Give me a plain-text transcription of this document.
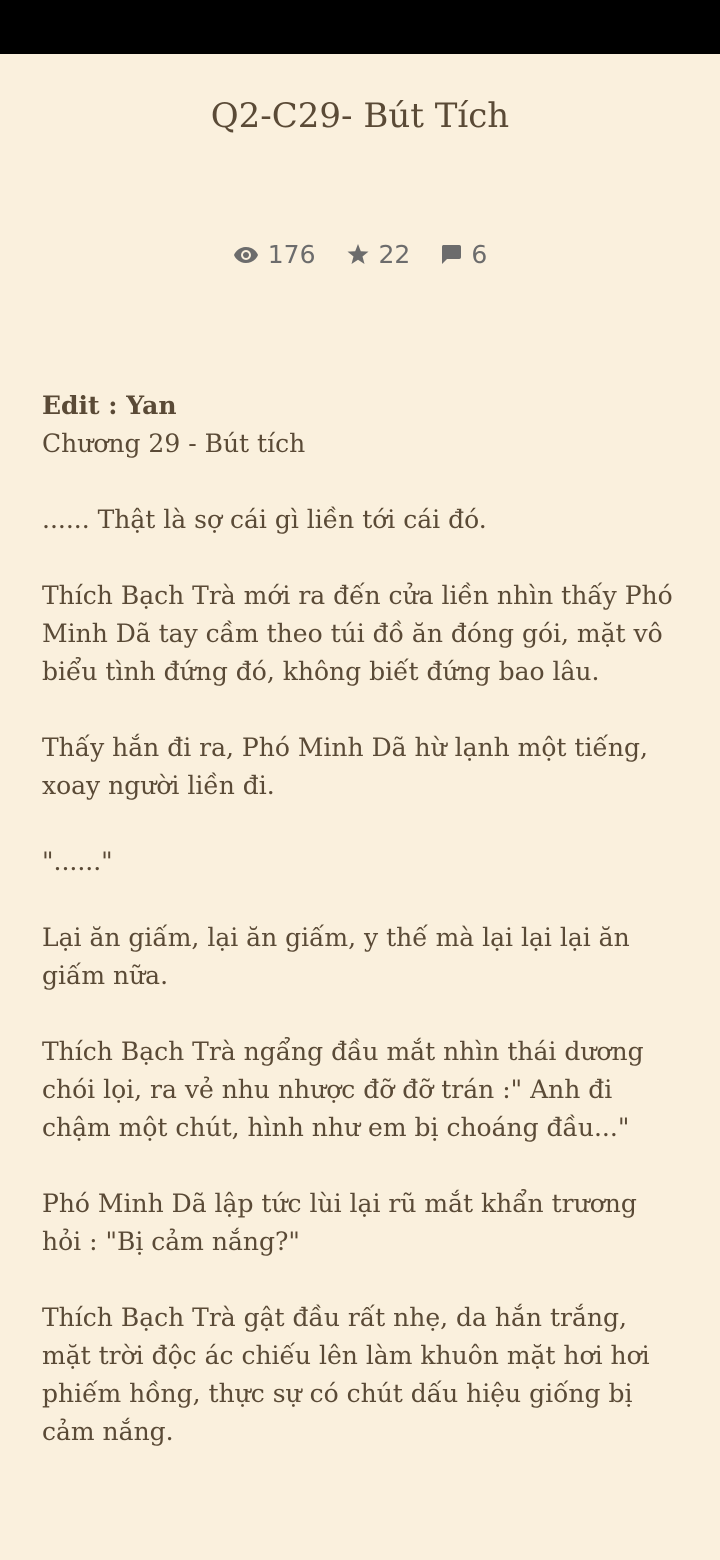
Q2-C29- Bút Tích
176	22 6

Edit : Yan

Chương 29 - Bút tích

...... Thật là sợ cái gì liền tới cái đó.

Thích Bạch Trà mới ra đến cửa liền nhìn thấy Phó Minh Dã tay cầm theo túi đồ ăn đóng gói, mặt vô biểu tình đứng đó, không biết đứng bao lâu.

Thấy hắn đi ra, Phó Minh Dã hừ lạnh một tiếng, xoay người liền đi.

"......"

Lại ăn giấm, lại ăn giấm, y thế mà lại lại lại ăn giấm nữa.

Thích Bạch Trà ngẩng đầu mắt nhìn thái dương chói lọi, ra vẻ nhu nhược đỡ đỡ trán :" Anh đi chậm một chút, hình như em bị choáng đầu..."

Phó Minh Dã lập tức lùi lại rũ mắt khẩn trương hỏi : "Bị cảm nắng?"

Thích Bạch Trà gật đầu rất nhẹ, da hắn trắng, mặt trời độc ác chiếu lên làm khuôn mặt hơi hơi phiếm hồng, thực sự có chút dấu hiệu giống bị cảm nắng.
